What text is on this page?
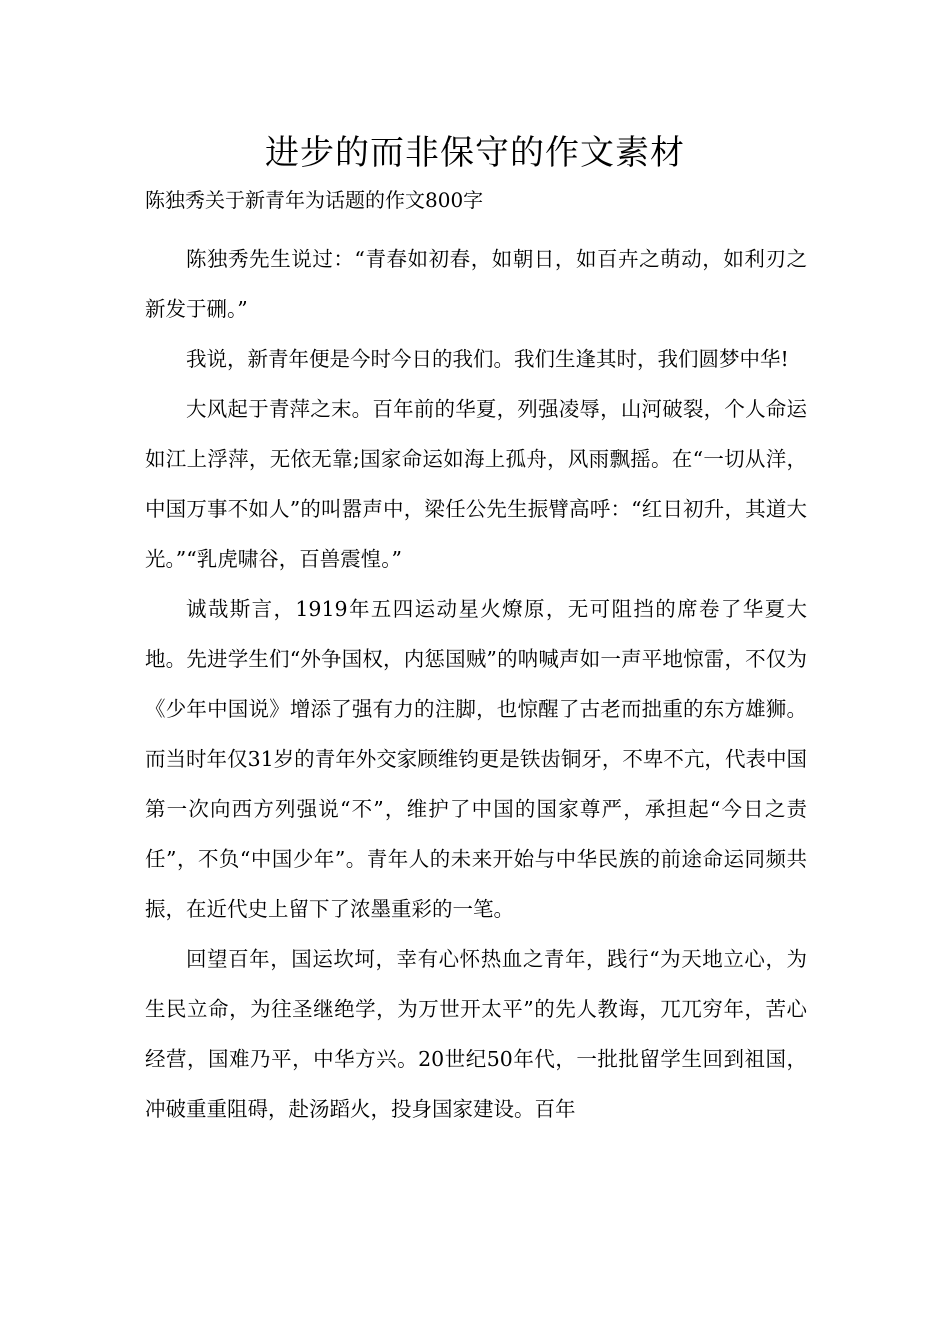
进步的而非保守的作文素材

陈独秀关于新青年为话题的作文800字

陈独秀先生说过：“青春如初春，如朝日，如百卉之萌动，如利刃之新发于硎。”

我说，新青年便是今时今日的我们。我们生逢其时，我们圆梦中华!

大风起于青萍之末。百年前的华夏，列强凌辱，山河破裂，个人命运如江上浮萍，无依无靠;国家命运如海上孤舟，风雨飘摇。在“一切从洋，中国万事不如人”的叫嚣声中，梁任公先生振臂高呼：“红日初升，其道大光。”“乳虎啸谷，百兽震惶。”

诚哉斯言，1919年五四运动星火燎原，无可阻挡的席卷了华夏大地。先进学生们“外争国权，内惩国贼”的呐喊声如一声平地惊雷，不仅为《少年中国说》增添了强有力的注脚，也惊醒了古老而拙重的东方雄狮。而当时年仅31岁的青年外交家顾维钧更是铁齿铜牙，不卑不亢，代表中国第一次向西方列强说“不”，维护了中国的国家尊严，承担起“今日之责任”，不负“中国少年”。青年人的未来开始与中华民族的前途命运同频共振，在近代史上留下了浓墨重彩的一笔。

回望百年，国运坎坷，幸有心怀热血之青年，践行“为天地立心，为生民立命，为往圣继绝学，为万世开太平”的先人教诲，兀兀穷年，苦心经营，国难乃平，中华方兴。20世纪50年代，一批批留学生回到祖国，冲破重重阻碍，赴汤蹈火，投身国家建设。百年
